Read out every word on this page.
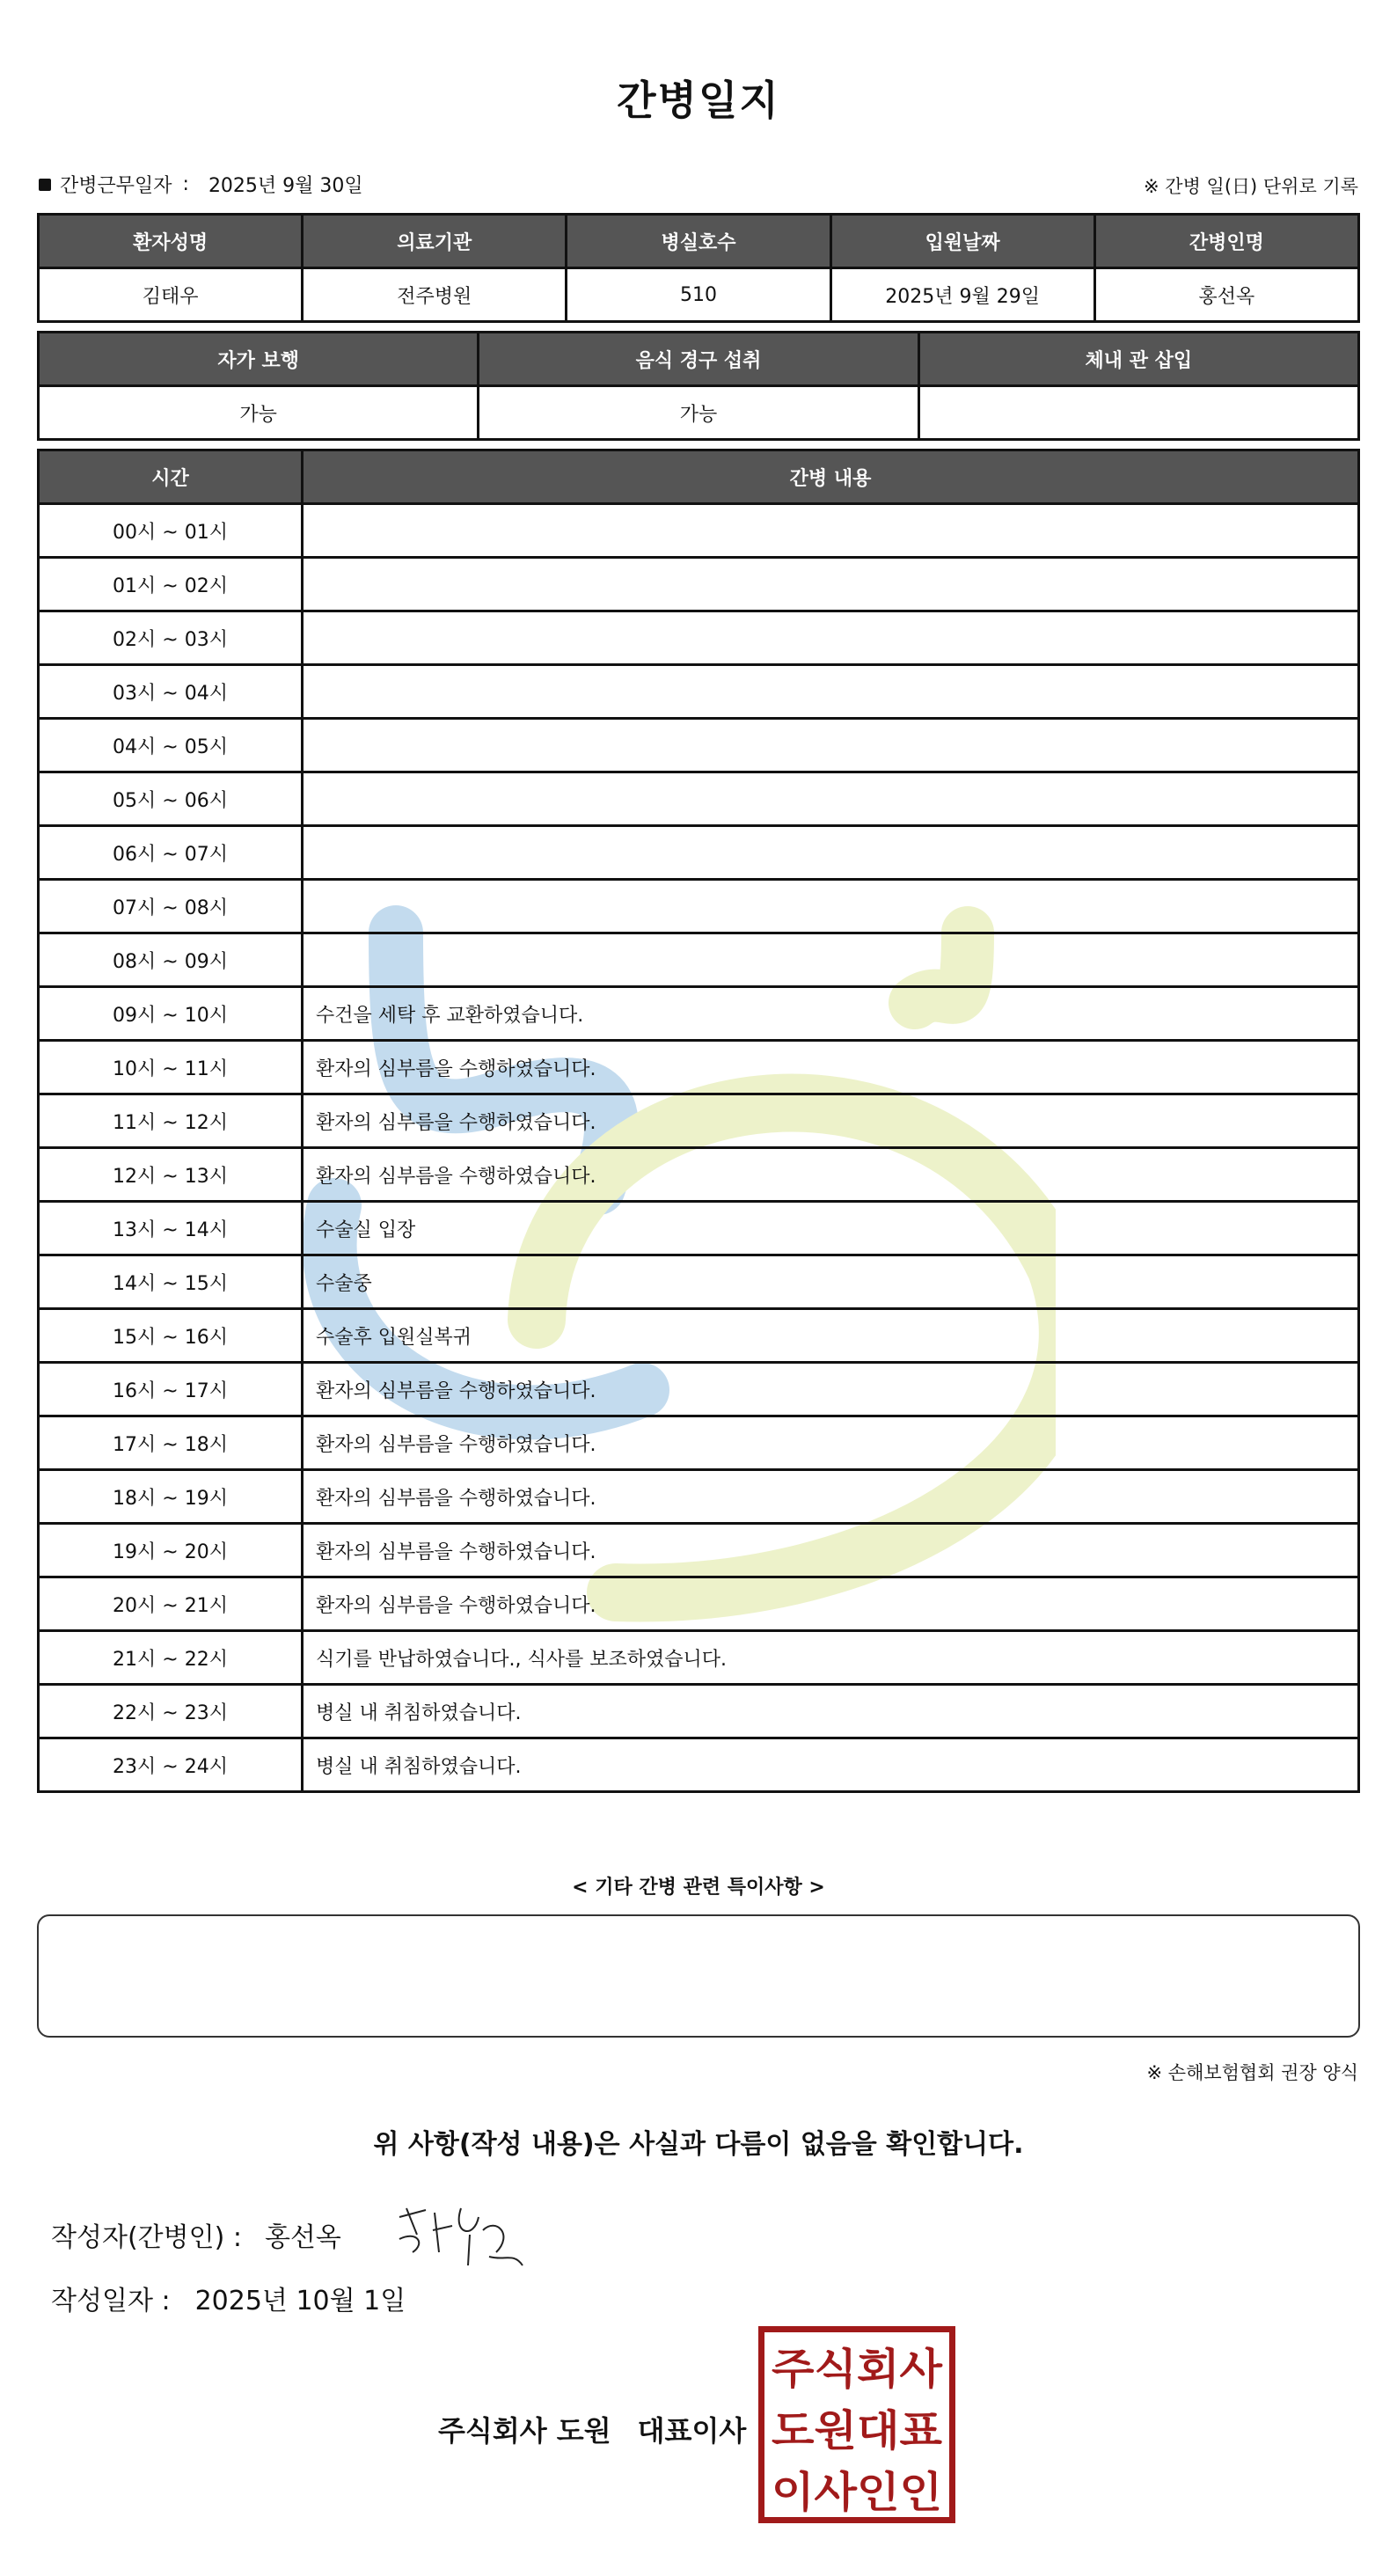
간병일지
간병근무일자 : 2025년 9월 30일	※ 간병 일(日) 단위로 기록
환자성명	의료기관	병실호수	입원날짜	간병인명
김태우	전주병원	510	2025년 9월 29일	홍선옥
자가 보행	음식 경구 섭취	체내 관 삽입
가능	가능	
시간	간병 내용
00시 ~ 01시	
01시 ~ 02시	
02시 ~ 03시	
03시 ~ 04시	
04시 ~ 05시	
05시 ~ 06시	
06시 ~ 07시	
07시 ~ 08시	
08시 ~ 09시	
09시 ~ 10시	수건을 세탁 후 교환하였습니다.
10시 ~ 11시	환자의 심부름을 수행하였습니다.
11시 ~ 12시	환자의 심부름을 수행하였습니다.
12시 ~ 13시	환자의 심부름을 수행하였습니다.
13시 ~ 14시	수술실 입장
14시 ~ 15시	수술중
15시 ~ 16시	수술후 입원실복귀
16시 ~ 17시	환자의 심부름을 수행하였습니다.
17시 ~ 18시	환자의 심부름을 수행하였습니다.
18시 ~ 19시	환자의 심부름을 수행하였습니다.
19시 ~ 20시	환자의 심부름을 수행하였습니다.
20시 ~ 21시	환자의 심부름을 수행하였습니다.
21시 ~ 22시	식기를 반납하였습니다., 식사를 보조하였습니다.
22시 ~ 23시	병실 내 취침하였습니다.
23시 ~ 24시	병실 내 취침하였습니다.
< 기타 간병 관련 특이사항 >
※ 손해보험협회 권장 양식
위 사항(작성 내용)은 사실과 다름이 없음을 확인합니다.
작성자(간병인) : 홍선옥
작성일자 : 2025년 10월 1일
주식회사 도원 대표이사
주식회사
도원대표
이사인인
